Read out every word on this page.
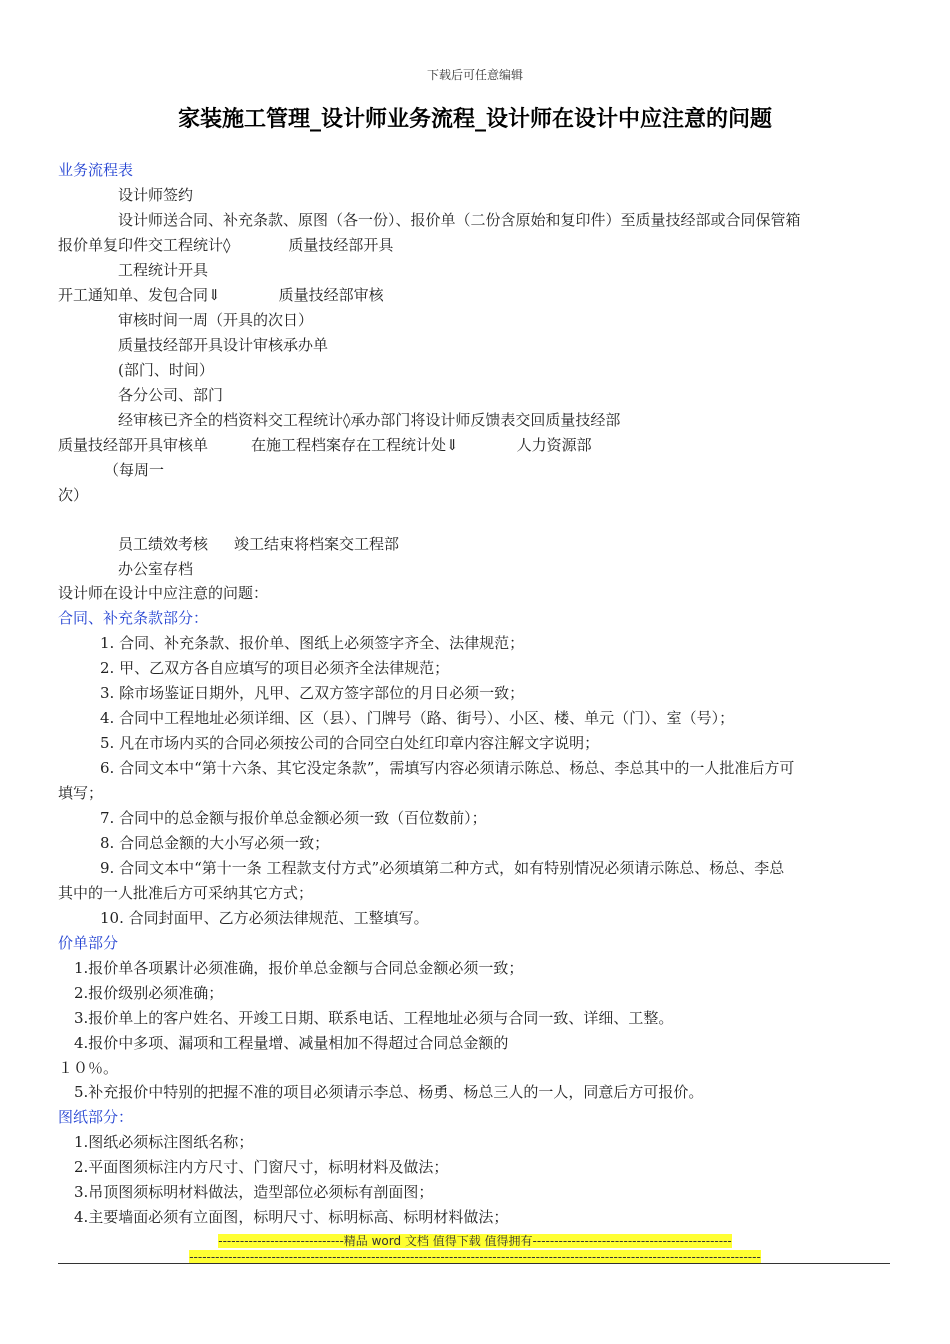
下载后可任意编辑
家装施工管理_设计师业务流程_设计师在设计中应注意的问题
业务流程表
设计师签约
设计师送合同、补充条款、原图（各一份）、报价单（二份含原始和复印件）至质量技经部或合同保管箱
报价单复印件交工程统计◊	质量技经部开具
工程统计开具
开工通知单、发包合同⇓	质量技经部审核
审核时间一周（开具的次日）
质量技经部开具设计审核承办单
(部门、时间）
各分公司、部门
经审核已齐全的档资料交工程统计◊承办部门将设计师反馈表交回质量技经部
质量技经部开具审核单	在施工程档案存在工程统计处⇓	人力资源部
（每周一
次）
员工绩效考核 竣工结束将档案交工程部
办公室存档
设计师在设计中应注意的问题：
合同、补充条款部分：
1. 合同、补充条款、报价单、图纸上必须签字齐全、法律规范；
2. 甲、乙双方各自应填写的项目必须齐全法律规范；
3. 除市场鉴证日期外，凡甲、乙双方签字部位的月日必须一致；
4. 合同中工程地址必须详细、区（县）、门牌号（路、街号）、小区、楼、单元（门）、室（号）；
5. 凡在市场内买的合同必须按公司的合同空白处红印章内容注解文字说明；
6. 合同文本中“第十六条、其它没定条款”，需填写内容必须请示陈总、杨总、李总其中的一人批准后方可
填写；
7. 合同中的总金额与报价单总金额必须一致（百位数前）；
8. 合同总金额的大小写必须一致；
9. 合同文本中“第十一条 工程款支付方式”必须填第二种方式，如有特别情况必须请示陈总、杨总、李总
其中的一人批准后方可采纳其它方式；
10. 合同封面甲、乙方必须法律规范、工整填写。
价单部分
1.报价单各项累计必须准确，报价单总金额与合同总金额必须一致；
2.报价级别必须准确；
3.报价单上的客户姓名、开竣工日期、联系电话、工程地址必须与合同一致、详细、工整。
4.报价中多项、漏项和工程量增、减量相加不得超过合同总金额的
１０％。
5.补充报价中特别的把握不准的项目必须请示李总、杨勇、杨总三人的一人，同意后方可报价。
图纸部分：
1.图纸必须标注图纸名称；
2.平面图须标注内方尺寸、门窗尺寸，标明材料及做法；
3.吊顶图须标明材料做法，造型部位必须标有剖面图；
4.主要墙面必须有立面图，标明尺寸、标明标高、标明材料做法；
-----------------------------精品 word 文档 值得下载 值得拥有----------------------------------------------
------------------------------------------------------------------------------------------------------------------------------------
